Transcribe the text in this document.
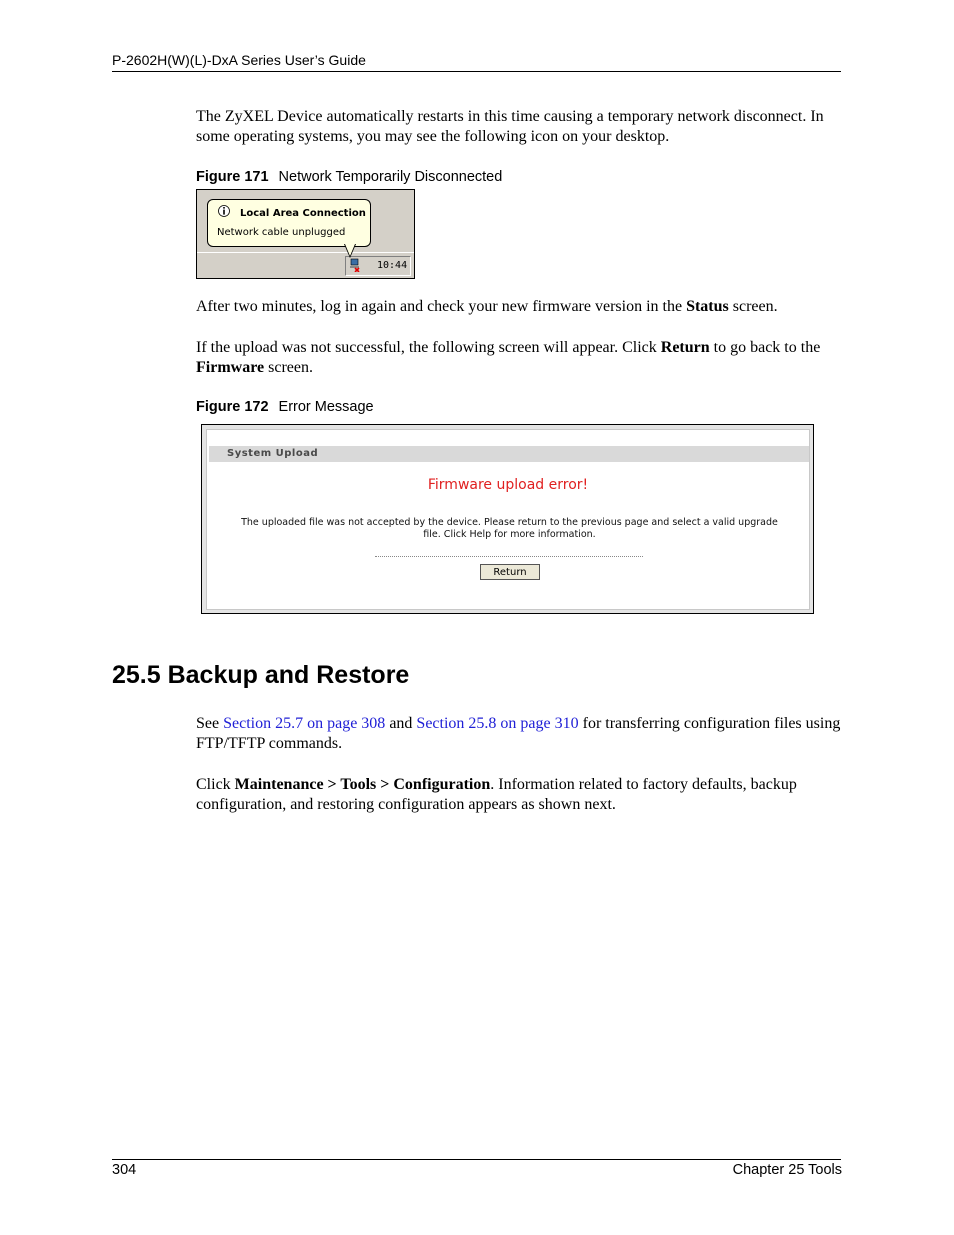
P-2602H(W)(L)-DxA Series User’s Guide
The ZyXEL Device automatically restarts in this time causing a temporary network disconnect. In some operating systems, you may see the following icon on your desktop.
Figure 171 Network Temporarily Disconnected
10:44
Local Area Connection
Network cable unplugged
After two minutes, log in again and check your new firmware version in the Status screen.
If the upload was not successful, the following screen will appear. Click Return to go back to the Firmware screen.
Figure 172 Error Message
System Upload
Firmware upload error!
The uploaded file was not accepted by the device. Please return to the previous page and select a valid upgrade file. Click Help for more information.
Return
25.5 Backup and Restore
See Section 25.7 on page 308 and Section 25.8 on page 310 for transferring configuration files using FTP/TFTP commands.
Click Maintenance > Tools > Configuration. Information related to factory defaults, backup configuration, and restoring configuration appears as shown next.
304	Chapter 25 Tools
